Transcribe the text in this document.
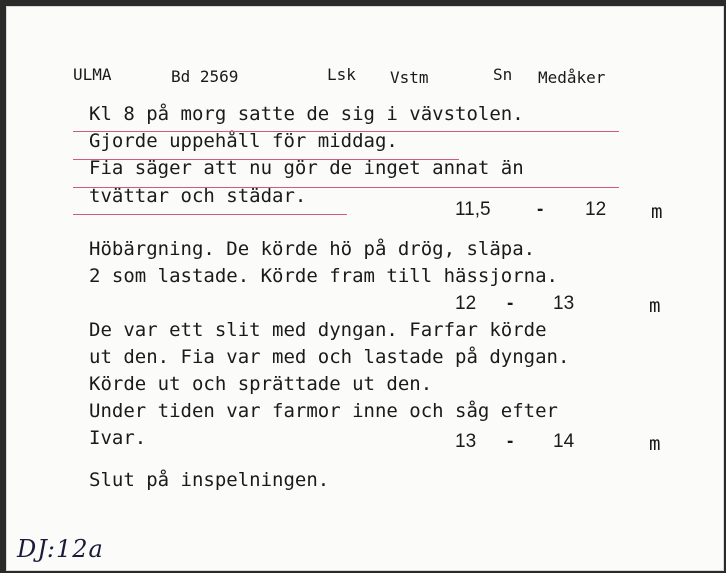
ULMA	Bd 2569	Lsk Vstm	Sn Medåker
Kl 8 på morg satte de sig i vävstolen.
Gjorde uppehåll för middag.
Fia säger att nu gör de inget annat än
tvättar och städar.
11,5 - 12 m
Höbärgning. De körde hö på drög, släpa.
2 som lastade. Körde fram till hässjorna.
12 - 13	m
De var ett slit med dyngan. Farfar körde
ut den. Fia var med och lastade på dyngan.
Körde ut och sprättade ut den.
Under tiden var farmor inne och såg efter
Ivar.	13 - 14	m
Slut på inspelningen.
DJ:12a
